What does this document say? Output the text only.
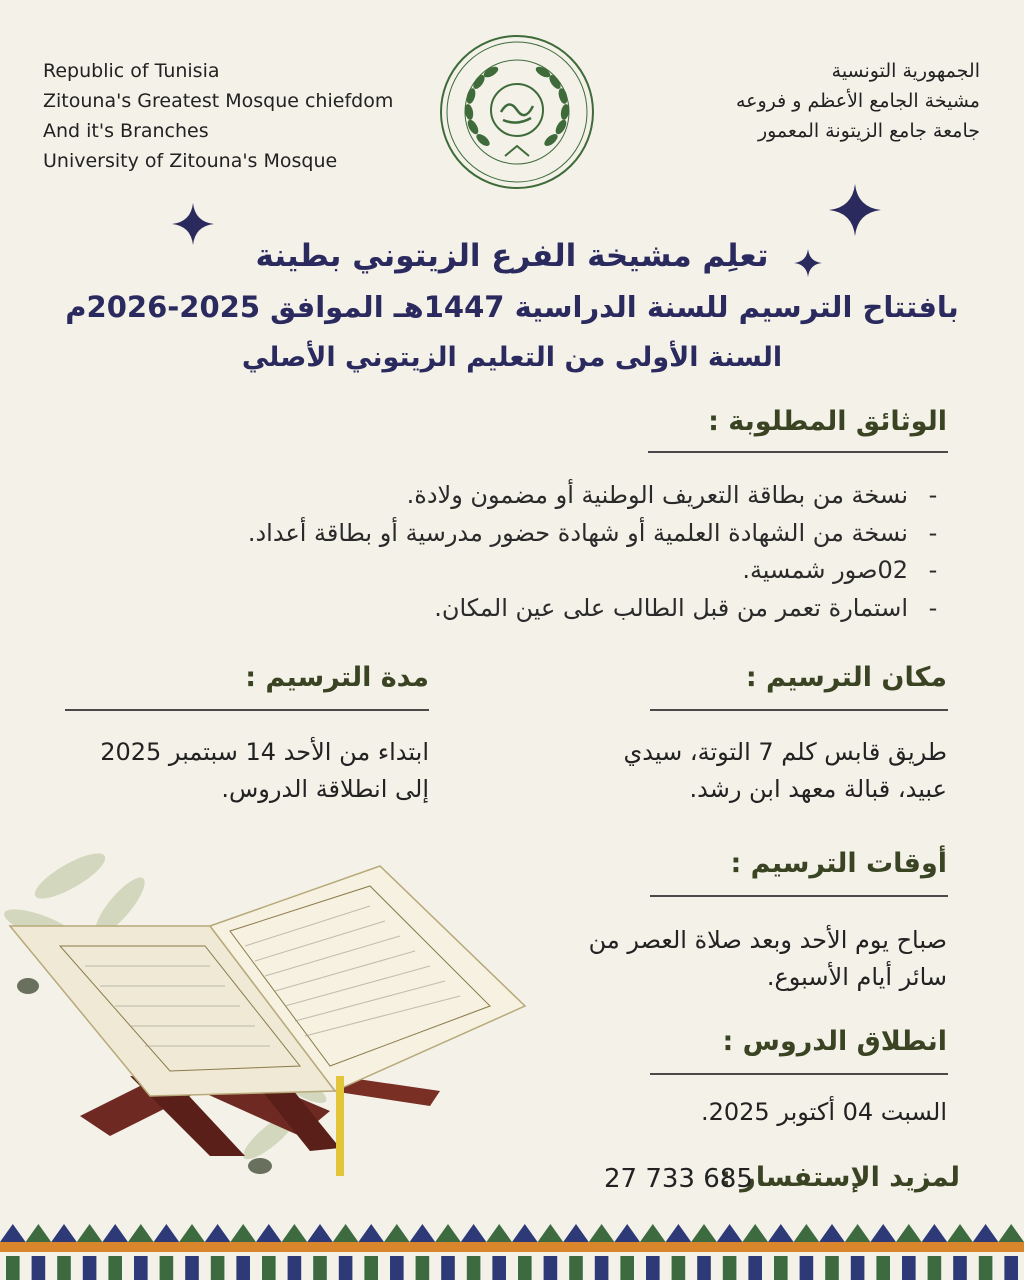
Republic of Tunisia
Zitouna's Greatest Mosque chiefdom
And it's Branches
University of Zitouna's Mosque
الجمهورية التونسية
مشيخة الجامع الأعظم و فروعه
جامعة جامع الزيتونة المعمور
تعلِم مشيخة الفرع الزيتوني بطينة
بافتتاح الترسيم للسنة الدراسية 1447هـ الموافق 2025-2026م
السنة الأولى من التعليم الزيتوني الأصلي
الوثائق المطلوبة :
-نسخة من بطاقة التعريف الوطنية أو مضمون ولادة.
-نسخة من الشهادة العلمية أو شهادة حضور مدرسية أو بطاقة أعداد.
-02صور شمسية.
-استمارة تعمر من قبل الطالب على عين المكان.
مكان الترسيم :
طريق قابس كلم 7 التوتة، سيدي
عبيد، قبالة معهد ابن رشد.
مدة الترسيم :
ابتداء من الأحد 14 سبتمبر 2025
إلى انطلاقة الدروس.
أوقات الترسيم :
صباح يوم الأحد وبعد صلاة العصر من
سائر أيام الأسبوع.
انطلاق الدروس :
السبت 04 أكتوبر 2025.
لمزيد الإستفسار :
27 733 685
